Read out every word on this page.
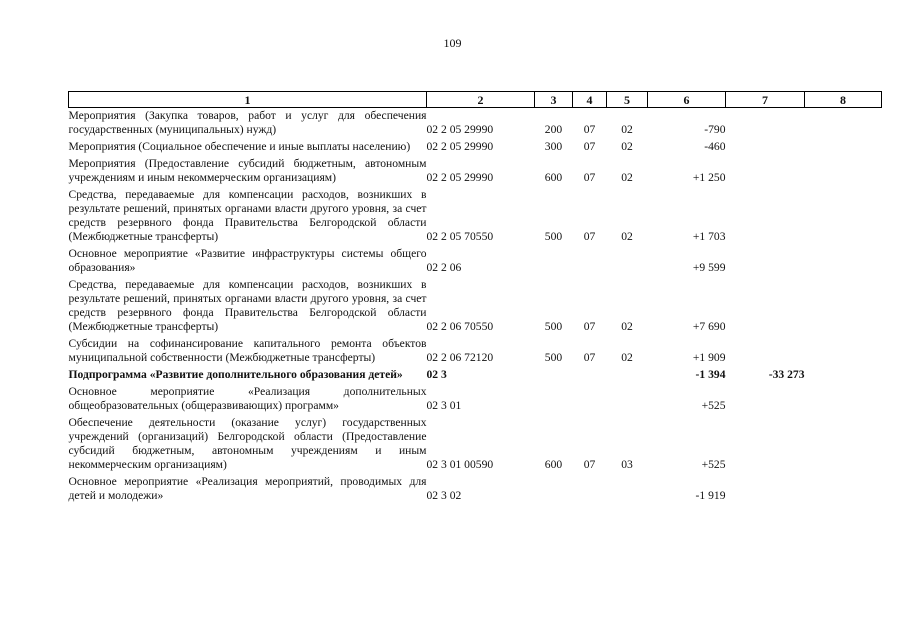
109
1	2	3	4	5	6	7	8
Мероприятия (Закупка товаров, работ и услуг для обеспечения государственных (муниципальных) нужд)	02 2 05 29990	200	07	02	-790		
Мероприятия (Социальное обеспечение и иные выплаты населению)	02 2 05 29990	300	07	02	-460		
Мероприятия (Предоставление субсидий бюджетным, автономным учреждениям и иным некоммерческим организациям)	02 2 05 29990	600	07	02	+1 250		
Средства, передаваемые для компенсации расходов, возникших в результате решений, принятых органами власти другого уровня, за счет средств резервного фонда Правительства Белгородской области (Межбюджетные трансферты)	02 2 05 70550	500	07	02	+1 703		
Основное мероприятие «Развитие инфраструктуры системы общего образования»	02 2 06				+9 599		
Средства, передаваемые для компенсации расходов, возникших в результате решений, принятых органами власти другого уровня, за счет средств резервного фонда Правительства Белгородской области (Межбюджетные трансферты)	02 2 06 70550	500	07	02	+7 690		
Субсидии на софинансирование капитального ремонта объектов муниципальной собственности (Межбюджетные трансферты)	02 2 06 72120	500	07	02	+1 909		
Подпрограмма «Развитие дополнительного образования детей»	02 3				-1 394	-33 273	
Основное мероприятие «Реализация дополнительных общеобразовательных (общеразвивающих) программ»	02 3 01				+525		
Обеспечение деятельности (оказание услуг) государственных учреждений (организаций) Белгородской области (Предоставление субсидий бюджетным, автономным учреждениям и иным некоммерческим организациям)	02 3 01 00590	600	07	03	+525		
Основное мероприятие «Реализация мероприятий, проводимых для детей и молодежи»	02 3 02				-1 919		
